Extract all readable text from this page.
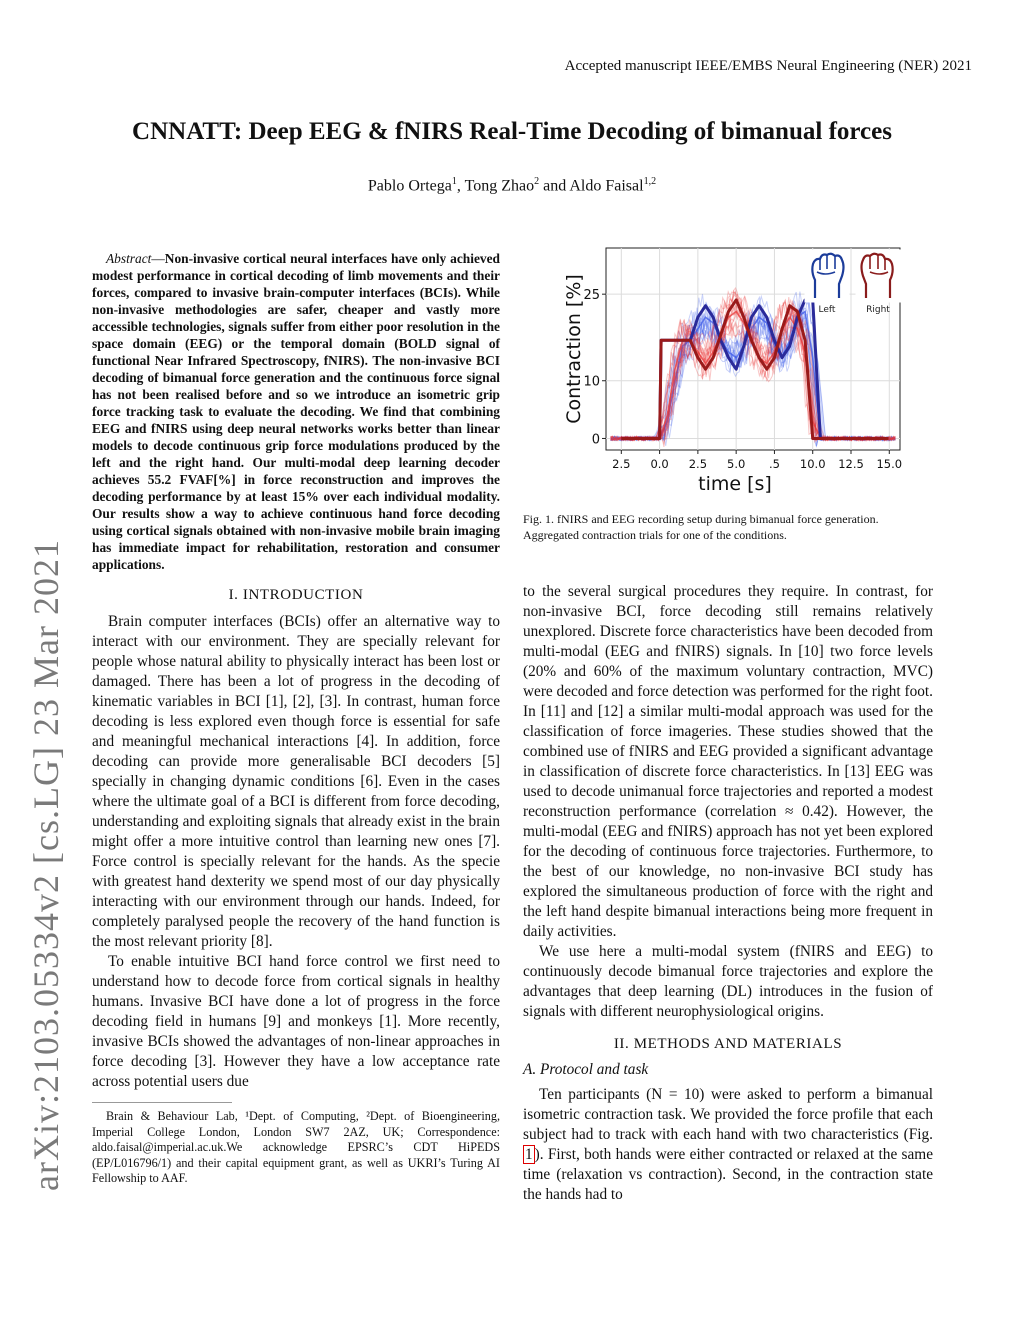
Accepted manuscript IEEE/EMBS Neural Engineering (NER) 2021
CNNATT: Deep EEG & fNIRS Real-Time Decoding of bimanual forces
Pablo Ortega$^1$, Tong Zhao$^2$ and Aldo Faisal$^{1,2}$
arXiv:2103.05334v2 [cs.LG] 23 Mar 2021

Abstract—Non-invasive cortical neural interfaces have only achieved modest performance in cortical decoding of limb movements and their forces, compared to invasive brain-computer interfaces (BCIs). While non-invasive methodologies are safer, cheaper and vastly more accessible technologies, signals suffer from either poor resolution in the space domain (EEG) or the temporal domain (BOLD signal of functional Near Infrared Spectroscopy, fNIRS). The non-invasive BCI decoding of bimanual force generation and the continuous force signal has not been realised before and so we introduce an isometric grip force tracking task to evaluate the decoding. We find that combining EEG and fNIRS using deep neural networks works better than linear models to decode continuous grip force modulations produced by the left and the right hand. Our multi-modal deep learning decoder achieves 55.2 FVAF[%] in force reconstruction and improves the decoding performance by at least 15% over each individual modality. Our results show a way to achieve continuous hand force decoding using cortical signals obtained with non-invasive mobile brain imaging has immediate impact for rehabilitation, restoration and consumer applications.

I. INTRODUCTION

Brain computer interfaces (BCIs) offer an alternative way to interact with our environment. They are specially relevant for people whose natural ability to physically interact has been lost or damaged. There has been a lot of progress in the decoding of kinematic variables in BCI [1], [2], [3]. In contrast, human force decoding is less explored even though force is essential for safe and meaningful mechanical interactions [4]. In addition, force decoding can provide more generalisable BCI decoders [5] specially in changing dynamic conditions [6]. Even in the cases where the ultimate goal of a BCI is different from force decoding, understanding and exploiting signals that already exist in the brain might offer a more intuitive control than learning new ones [7]. Force control is specially relevant for the hands. As the specie with greatest hand dexterity we spend most of our day physically interacting with our environment through our hands. Indeed, for completely paralysed people the recovery of the hand function is the most relevant priority [8].

To enable intuitive BCI hand force control we first need to understand how to decode force from cortical signals in healthy humans. Invasive BCI have done a lot of progress in the force decoding field in humans [9] and monkeys [1]. More recently, invasive BCIs showed the advantages of non-linear approaches in force decoding [3]. However they have a low acceptance rate across potential users due

Brain & Behaviour Lab, ¹Dept. of Computing, ²Dept. of Bioengineering, Imperial College London, London SW7 2AZ, UK; Correspondence: aldo.faisal@imperial.ac.uk.We acknowledge EPSRC’s CDT HiPEDS (EP/L016796/1) and their capital equipment grant, as well as UKRI’s Turing AI Fellowship to AAF.

Left	Right
0
10
25
2.5 0.0 2.5 5.0 .5 10.0 12.5 15.0
Contraction [%]
time [s]
Fig. 1. fNIRS and EEG recording setup during bimanual force generation. Aggregated contraction trials for one of the conditions.

to the several surgical procedures they require. In contrast, for non-invasive BCI, force decoding still remains relatively unexplored. Discrete force characteristics have been decoded from multi-modal (EEG and fNIRS) signals. In [10] two force levels (20% and 60% of the maximum voluntary contraction, MVC) were decoded and force detection was performed for the right foot. In [11] and [12] a similar multi-modal approach was used for the classification of force imageries. These studies showed that the combined use of fNIRS and EEG provided a significant advantage in classification of discrete force characteristics. In [13] EEG was used to decode unimanual force trajectories and reported a modest reconstruction performance (correlation ≈ 0.42). However, the multi-modal (EEG and fNIRS) approach has not yet been explored for the decoding of continuous force trajectories. Furthermore, to the best of our knowledge, no non-invasive BCI study has explored the simultaneous production of force with the right and the left hand despite bimanual interactions being more frequent in daily activities.

We use here a multi-modal system (fNIRS and EEG) to continuously decode bimanual force trajectories and explore the advantages that deep learning (DL) introduces in the fusion of signals with different neurophysiological origins.

II. METHODS AND MATERIALS
A. Protocol and task

Ten participants (N = 10) were asked to perform a bimanual isometric contraction task. We provided the force profile that each subject had to track with each hand with two characteristics (Fig. 1 ). First, both hands were either contracted or relaxed at the same time (relaxation vs contraction). Second, in the contraction state the hands had to
